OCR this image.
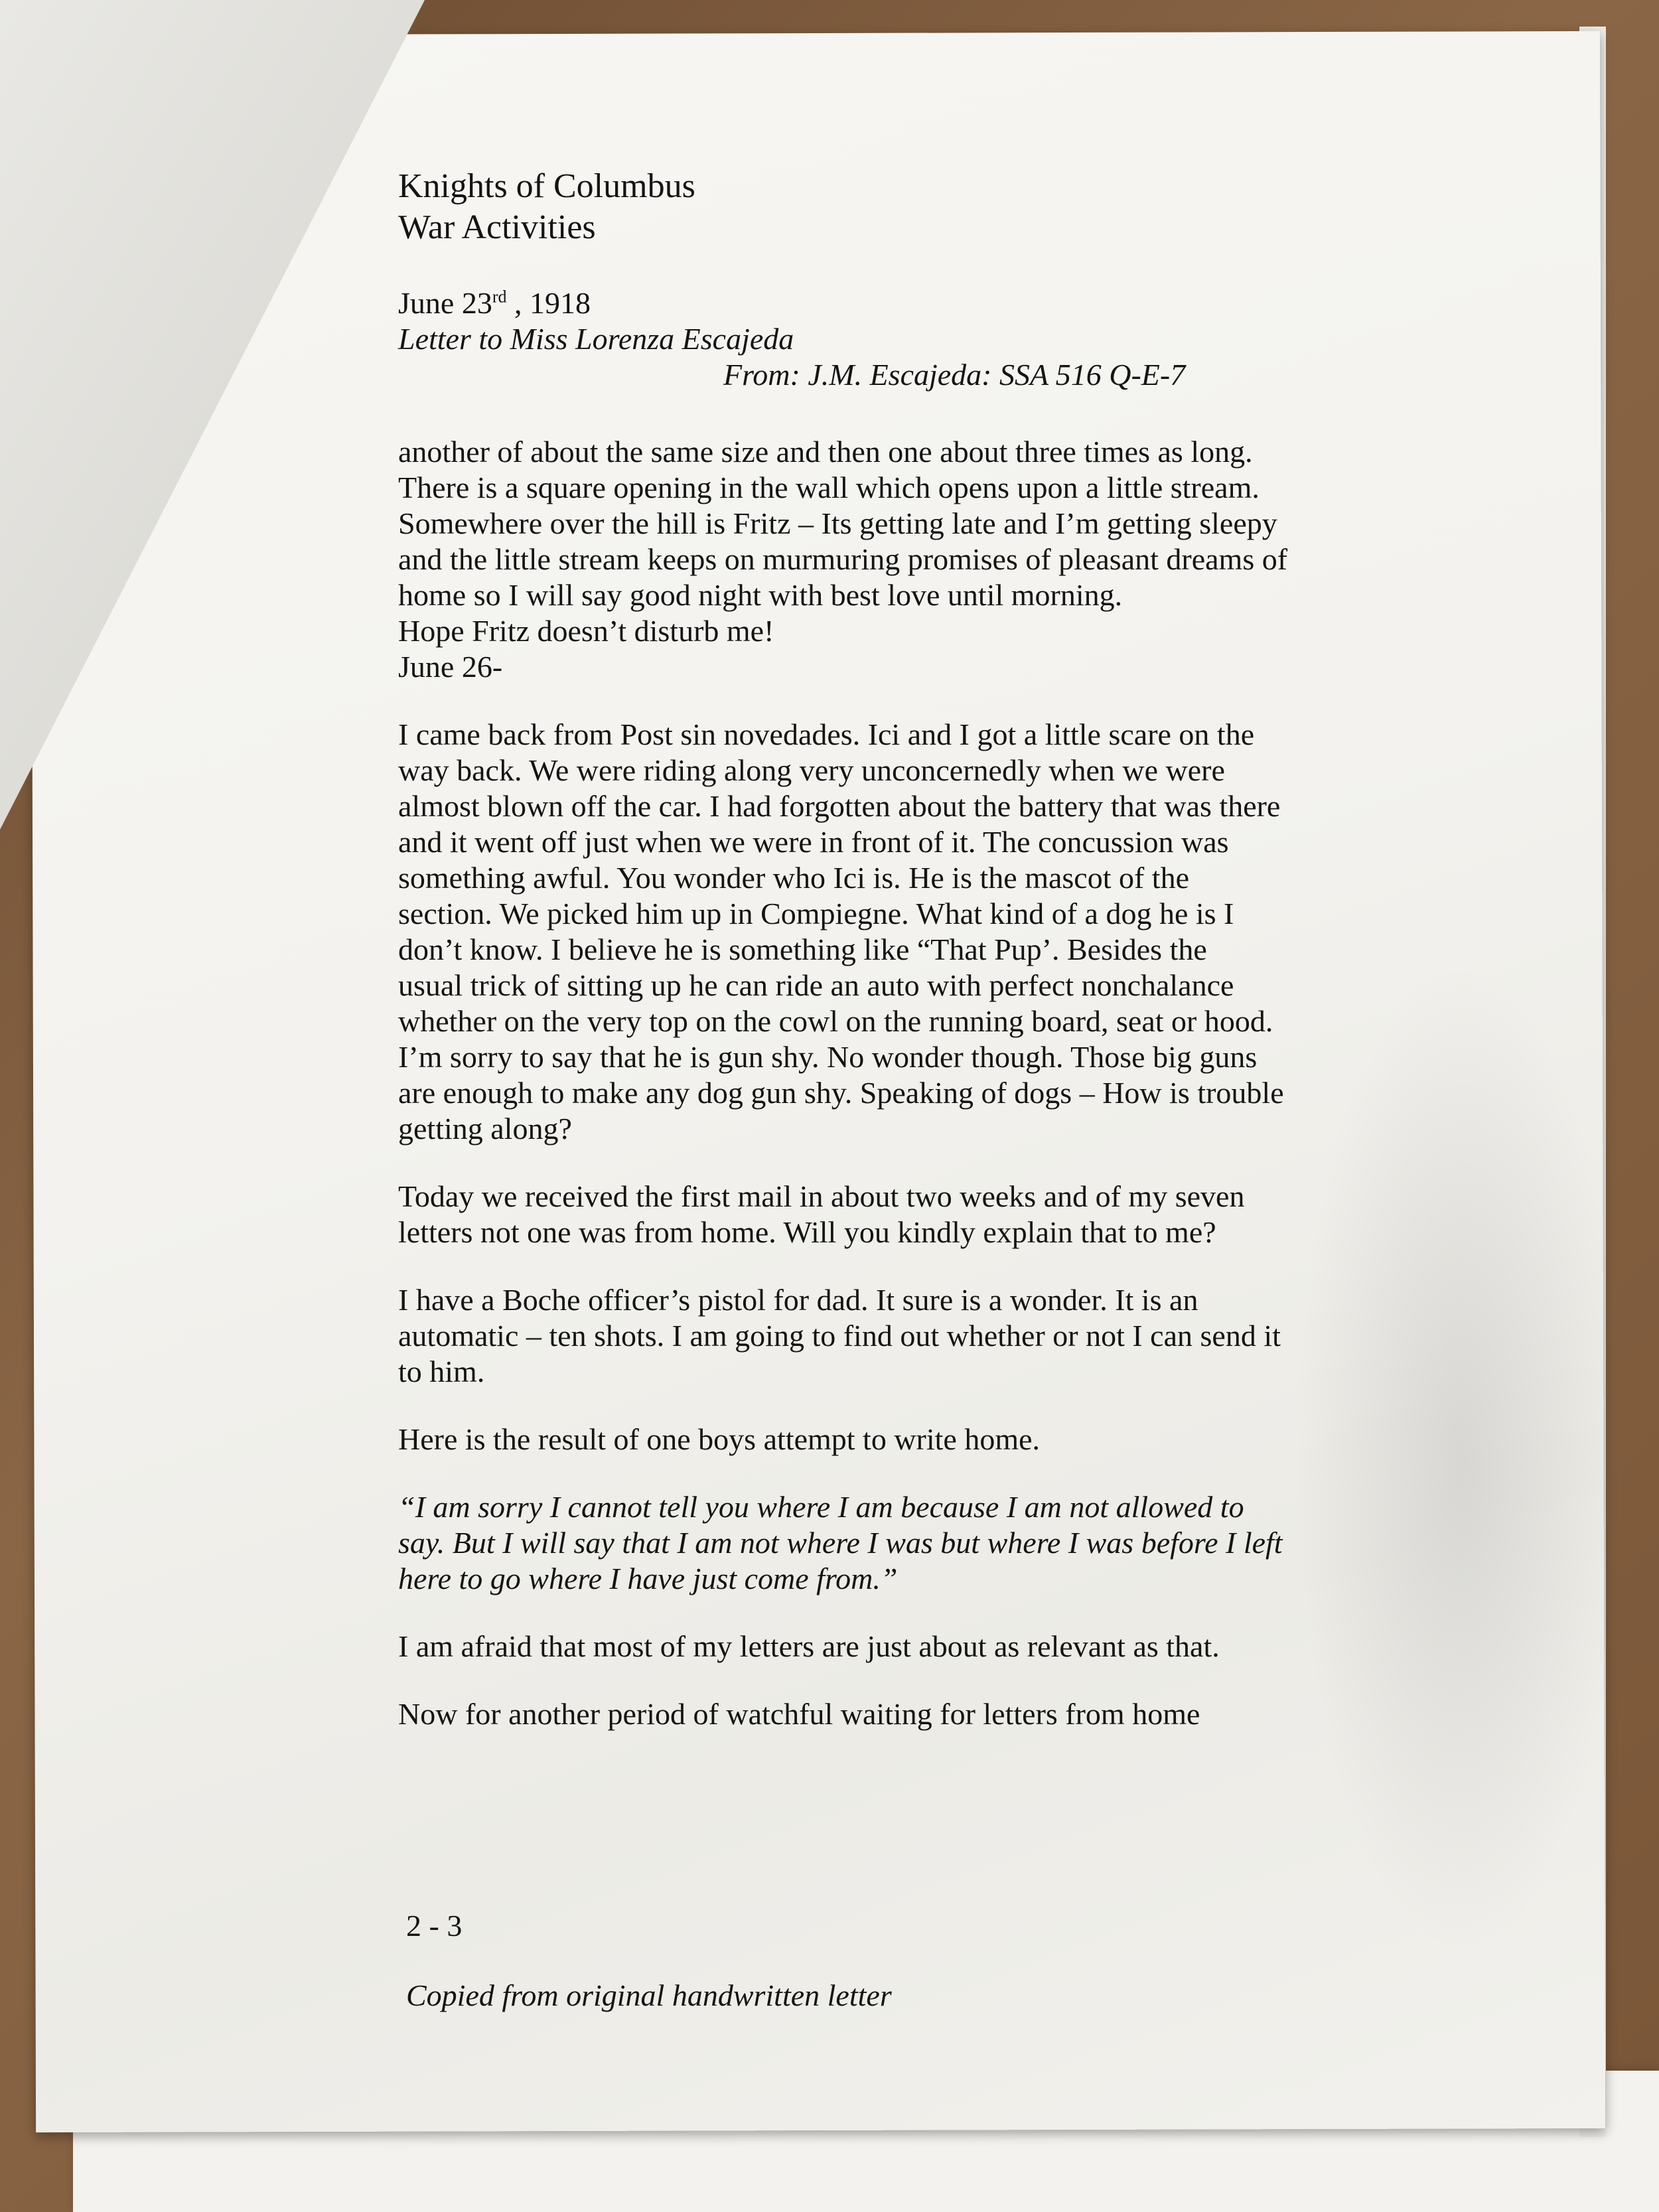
Knights of Columbus

War Activities

June 23rd , 1918
Letter to Miss Lorenza Escajeda
From: J.M. Escajeda: SSA 516 Q-E-7
another of about the same size and then one about three times as long.
There is a square opening in the wall which opens upon a little stream.
Somewhere over the hill is Fritz – Its getting late and I’m getting sleepy
and the little stream keeps on murmuring promises of pleasant dreams of
home so I will say good night with best love until morning.
Hope Fritz doesn’t disturb me!
June 26-
I came back from Post sin novedades. Ici and I got a little scare on the
way back. We were riding along very unconcernedly when we were
almost blown off the car. I had forgotten about the battery that was there
and it went off just when we were in front of it. The concussion was
something awful. You wonder who Ici is. He is the mascot of the
section. We picked him up in Compiegne. What kind of a dog he is I
don’t know. I believe he is something like “That Pup’. Besides the
usual trick of sitting up he can ride an auto with perfect nonchalance
whether on the very top on the cowl on the running board, seat or hood.
I’m sorry to say that he is gun shy. No wonder though. Those big guns
are enough to make any dog gun shy. Speaking of dogs – How is trouble
getting along?
Today we received the first mail in about two weeks and of my seven
letters not one was from home. Will you kindly explain that to me?
I have a Boche officer’s pistol for dad. It sure is a wonder. It is an
automatic – ten shots. I am going to find out whether or not I can send it
to him.
Here is the result of one boys attempt to write home.
“I am sorry I cannot tell you where I am because I am not allowed to
say. But I will say that I am not where I was but where I was before I left
here to go where I have just come from.”
I am afraid that most of my letters are just about as relevant as that.
Now for another period of watchful waiting for letters from home
2 - 3
Copied from original handwritten letter
